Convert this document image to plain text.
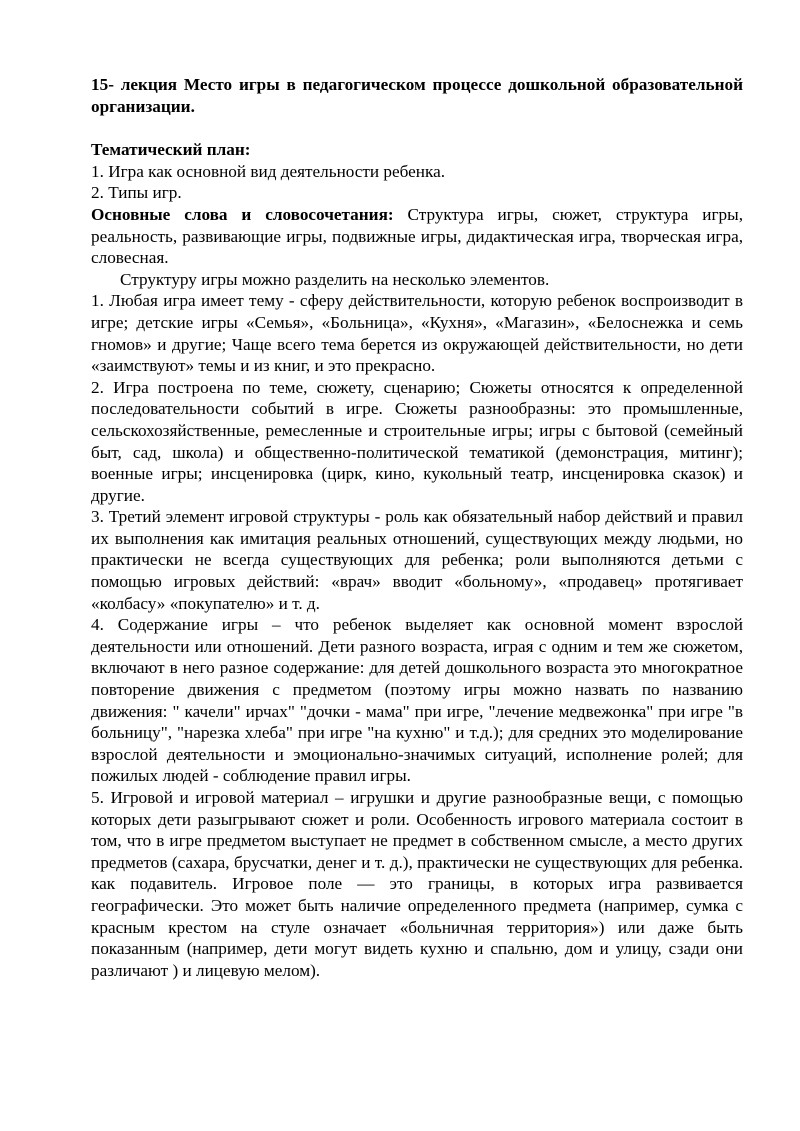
15- лекция Место игры в педагогическом процессе дошкольной образовательной организации.

Тематический план:

1. Игра как основной вид деятельности ребенка.

2. Типы игр.

Основные слова и словосочетания: Структура игры, сюжет, структура игры, реальность, развивающие игры, подвижные игры, дидактическая игра, творческая игра, словесная.

Структуру игры можно разделить на несколько элементов.

1. Любая игра имеет тему - сферу действительности, которую ребенок воспроизводит в игре; детские игры «Семья», «Больница», «Кухня», «Магазин», «Белоснежка и семь гномов» и другие; Чаще всего тема берется из окружающей действительности, но дети «заимствуют» темы и из книг, и это прекрасно.

2. Игра построена по теме, сюжету, сценарию; Сюжеты относятся к определенной последовательности событий в игре. Сюжеты разнообразны: это промышленные, сельскохозяйственные, ремесленные и строительные игры; игры с бытовой (семейный быт, сад, школа) и общественно-политической тематикой (демонстрация, митинг); военные игры; инсценировка (цирк, кино, кукольный театр, инсценировка сказок) и другие.

3. Третий элемент игровой структуры - роль как обязательный набор действий и правил их выполнения как имитация реальных отношений, существующих между людьми, но практически не всегда существующих для ребенка; роли выполняются детьми с помощью игровых действий: «врач» вводит «больному», «продавец» протягивает «колбасу» «покупателю» и т. д.

4. Содержание игры – что ребенок выделяет как основной момент взрослой деятельности или отношений. Дети разного возраста, играя с одним и тем же сюжетом, включают в него разное содержание: для детей дошкольного возраста это многократное повторение движения с предметом (поэтому игры можно назвать по названию движения: " качели" ирчах" "дочки - мама" при игре, "лечение медвежонка" при игре "в больницу", "нарезка хлеба" при игре "на кухню" и т.д.); для средних это моделирование взрослой деятельности и эмоционально-значимых ситуаций, исполнение ролей; для пожилых людей - соблюдение правил игры.

5. Игровой и игровой материал – игрушки и другие разнообразные вещи, с помощью которых дети разыгрывают сюжет и роли. Особенность игрового материала состоит в том, что в игре предметом выступает не предмет в собственном смысле, а место других предметов (сахара, брусчатки, денег и т. д.), практически не существующих для ребенка. как подавитель. Игровое поле — это границы, в которых игра развивается географически. Это может быть наличие определенного предмета (например, сумка с красным крестом на стуле означает «больничная территория») или даже быть показанным (например, дети могут видеть кухню и спальню, дом и улицу, сзади они различают ) и лицевую мелом).
